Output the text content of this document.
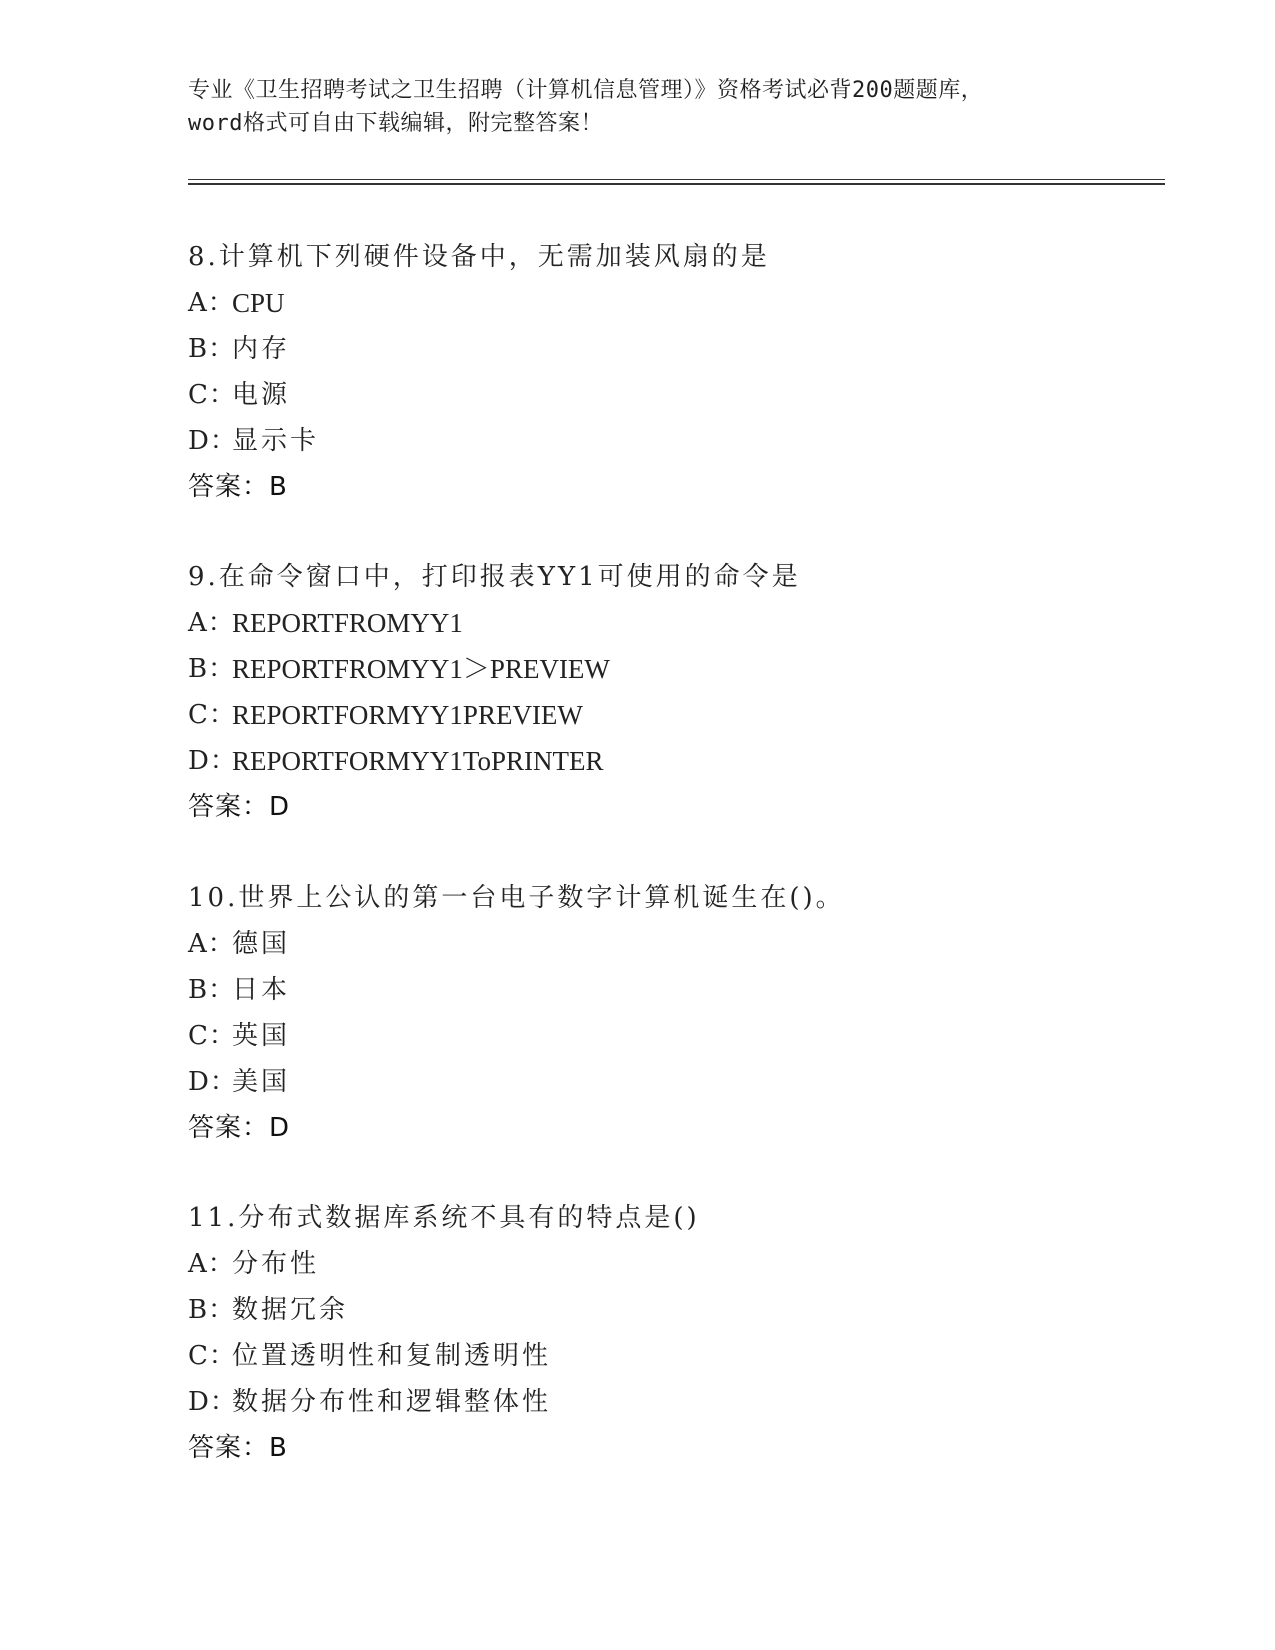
专业《卫生招聘考试之卫生招聘（计算机信息管理）》资格考试必背200题题库，
word格式可自由下载编辑，附完整答案！
8.计算机下列硬件设备中，无需加装风扇的是
A：
CPU
B：
内存
C：
电源
D：
显示卡
答案：B
9.在命令窗口中，打印报表YY1可使用的命令是
A：
REPORTFROMYY1
B：
REPORTFROMYY1＞PREVIEW
C：
REPORTFORMYY1PREVIEW
D：
REPORTFORMYY1ToPRINTER
答案：D
10.世界上公认的第一台电子数字计算机诞生在()。
A：
德国
B：
日本
C：
英国
D：
美国
答案：D
11.分布式数据库系统不具有的特点是()
A：
分布性
B：
数据冗余
C：
位置透明性和复制透明性
D：
数据分布性和逻辑整体性
答案：B
